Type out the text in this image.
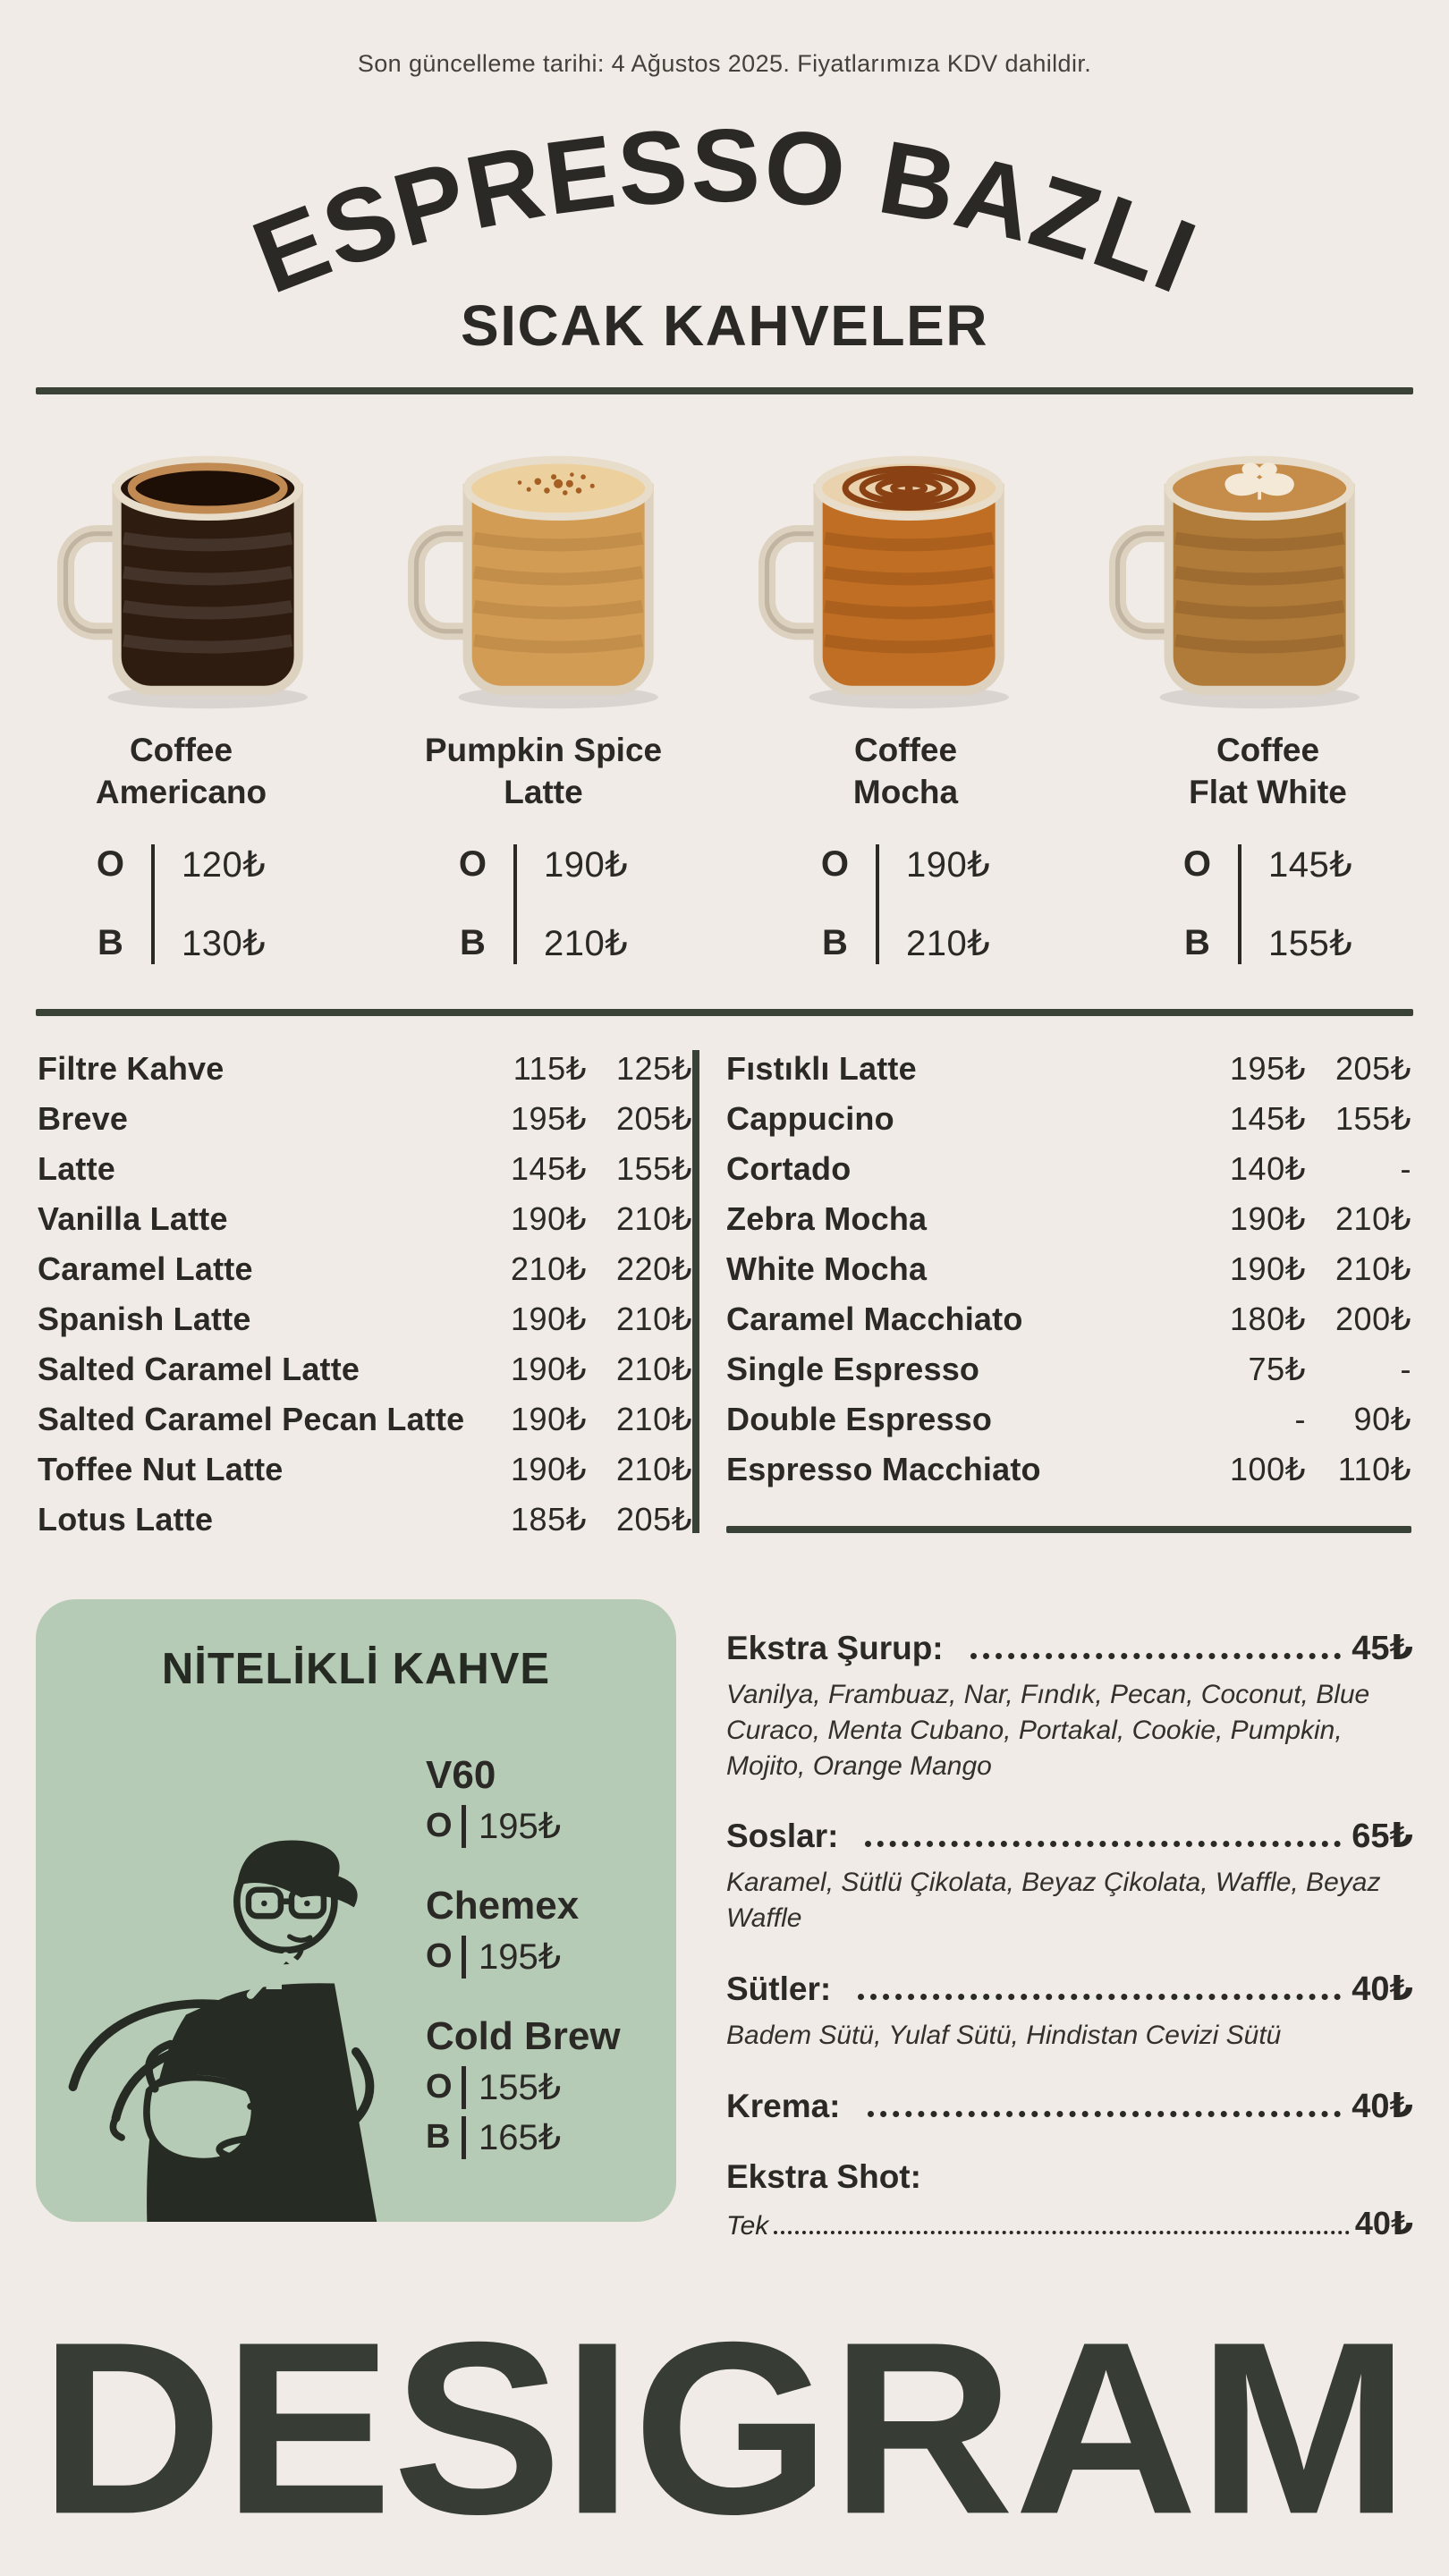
Son güncelleme tarihi: 4 Ağustos 2025. Fiyatlarımıza KDV dahildir.
ESPRESSO BAZLI
SICAK KAHVELER
Coffee
Americano
Pumpkin Spice
Latte
Coffee
Mocha
Coffee
Flat White
O 120₺
B 130₺
O 190₺
B 210₺
O 190₺
B 210₺
O 145₺
B 155₺
Filtre Kahve	115₺ 125₺
Breve	195₺ 205₺
Latte	145₺ 155₺
Vanilla Latte	190₺ 210₺
Caramel Latte	210₺ 220₺
Spanish Latte	190₺ 210₺
Salted Caramel Latte	190₺ 210₺
Salted Caramel Pecan Latte	190₺ 210₺
Toffee Nut Latte	190₺ 210₺
Lotus Latte	185₺ 205₺
Fıstıklı Latte	195₺ 205₺
Cappucino	145₺ 155₺
Cortado	140₺	-
Zebra Mocha	190₺ 210₺
White Mocha	190₺ 210₺
Caramel Macchiato	180₺ 200₺
Single Espresso	75₺	-
Double Espresso	-	90₺
Espresso Macchiato	100₺ 110₺
NİTELİKLİ KAHVE
V60
O 195₺
Chemex
O 195₺
Cold Brew
O 155₺
B 165₺
Ekstra Şurup:	45₺
Vanilya, Frambuaz, Nar, Fındık, Pecan, Coconut, Blue Curaco, Menta Cubano, Portakal, Cookie, Pumpkin, Mojito, Orange Mango
Soslar:	65₺
Karamel, Sütlü Çikolata, Beyaz Çikolata, Waffle, Beyaz Waffle
Sütler:	40₺
Badem Sütü, Yulaf Sütü, Hindistan Cevizi Sütü
Krema:	40₺
Ekstra Shot:
Tek	40₺
DESIGRAM
